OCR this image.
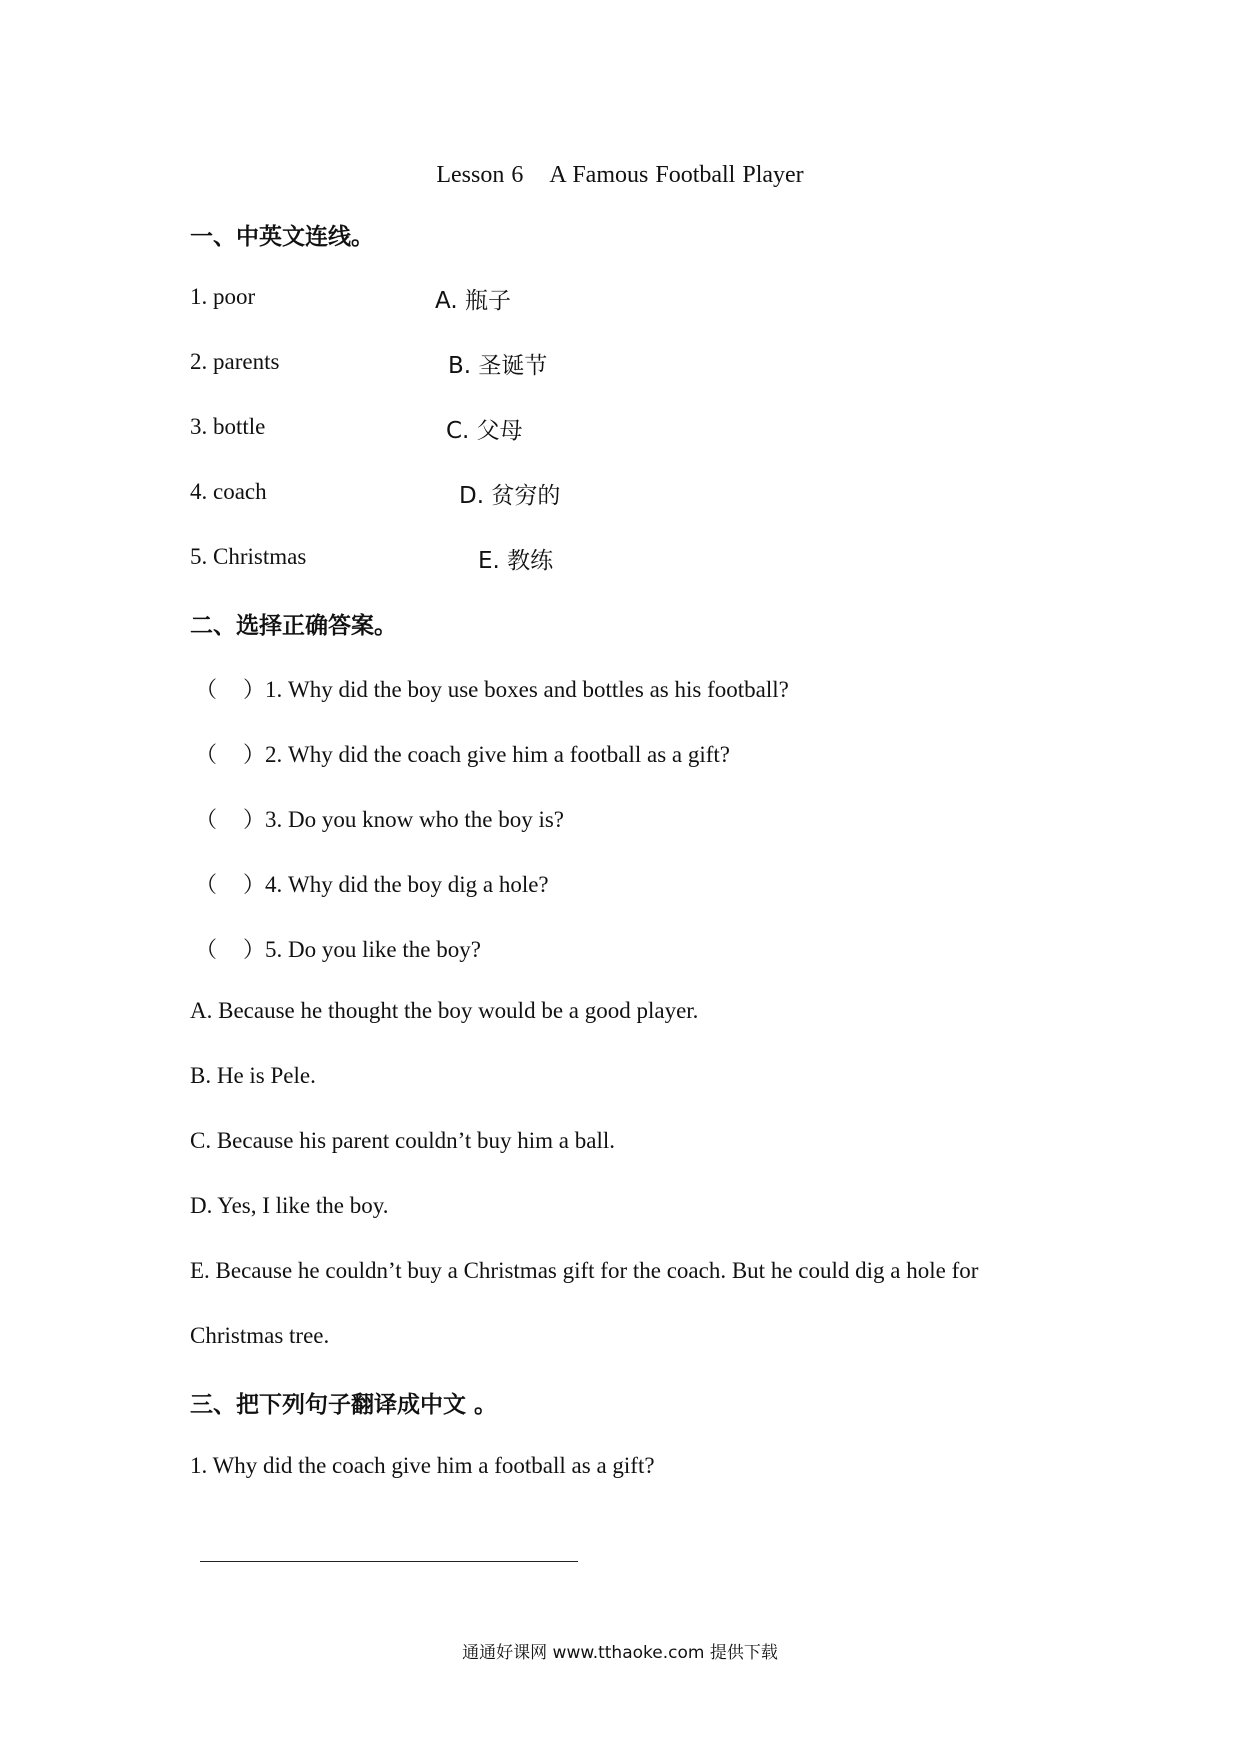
Lesson 6 A Famous Football Player
一、中英文连线。
1. poor	A. 瓶子
2. parents	B. 圣诞节
3. bottle	C. 父母
4. coach	D. 贫穷的
5. Christmas	E. 教练
二、选择正确答案。
（ ）1. Why did the boy use boxes and bottles as his football?
（ ）2. Why did the coach give him a football as a gift?
（ ）3. Do you know who the boy is?
（ ）4. Why did the boy dig a hole?
（ ）5. Do you like the boy?
A. Because he thought the boy would be a good player.
B. He is Pele.
C. Because his parent couldn’t buy him a ball.
D. Yes, I like the boy.
E. Because he couldn’t buy a Christmas gift for the coach. But he could dig a hole for
Christmas tree.
三、把下列句子翻译成中文 。
1. Why did the coach give him a football as a gift?
通通好课网 www.tthaoke.com 提供下载
